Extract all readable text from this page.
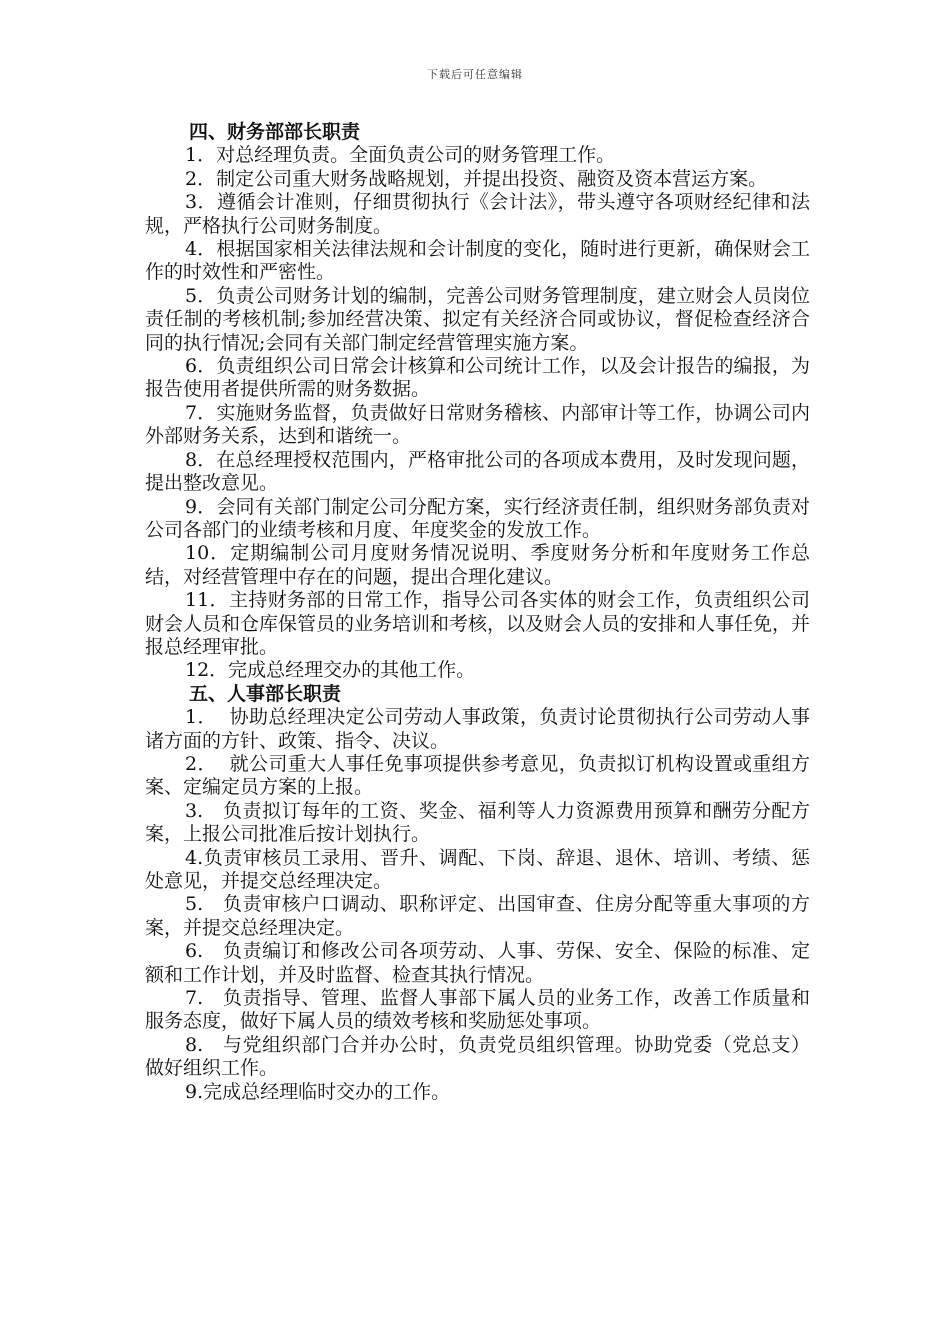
下载后可任意编辑

四、财务部部长职责

1．对总经理负责。全面负责公司的财务管理工作。

2．制定公司重大财务战略规划，并提出投资、融资及资本营运方案。

3．遵循会计准则，仔细贯彻执行《会计法》，带头遵守各项财经纪律和法规，严格执行公司财务制度。

4．根据国家相关法律法规和会计制度的变化，随时进行更新，确保财会工作的时效性和严密性。

5．负责公司财务计划的编制，完善公司财务管理制度，建立财会人员岗位责任制的考核机制;参加经营决策、拟定有关经济合同或协议，督促检查经济合同的执行情况;会同有关部门制定经营管理实施方案。

6．负责组织公司日常会计核算和公司统计工作，以及会计报告的编报，为报告使用者提供所需的财务数据。

7．实施财务监督，负责做好日常财务稽核、内部审计等工作，协调公司内外部财务关系，达到和谐统一。

8．在总经理授权范围内，严格审批公司的各项成本费用，及时发现问题，提出整改意见。

9．会同有关部门制定公司分配方案，实行经济责任制，组织财务部负责对公司各部门的业绩考核和月度、年度奖金的发放工作。

10．定期编制公司月度财务情况说明、季度财务分析和年度财务工作总结，对经营管理中存在的问题，提出合理化建议。

11．主持财务部的日常工作，指导公司各实体的财会工作，负责组织公司财会人员和仓库保管员的业务培训和考核，以及财会人员的安排和人事任免，并报总经理审批。

12．完成总经理交办的其他工作。

五、人事部长职责

1．  协助总经理决定公司劳动人事政策，负责讨论贯彻执行公司劳动人事诸方面的方针、政策、指令、决议。

2．  就公司重大人事任免事项提供参考意见，负责拟订机构设置或重组方案、定编定员方案的上报。

3.   负责拟订每年的工资、奖金、福利等人力资源费用预算和酬劳分配方案，上报公司批准后按计划执行。

4.负责审核员工录用、晋升、调配、下岗、辞退、退休、培训、考绩、惩处意见，并提交总经理决定。

5.   负责审核户口调动、职称评定、出国审查、住房分配等重大事项的方案，并提交总经理决定。

6.   负责编订和修改公司各项劳动、人事、劳保、安全、保险的标准、定额和工作计划，并及时监督、检查其执行情况。

7.   负责指导、管理、监督人事部下属人员的业务工作，改善工作质量和服务态度，做好下属人员的绩效考核和奖励惩处事项。

8.   与党组织部门合并办公时，负责党员组织管理。协助党委（党总支）做好组织工作。

9.完成总经理临时交办的工作。
